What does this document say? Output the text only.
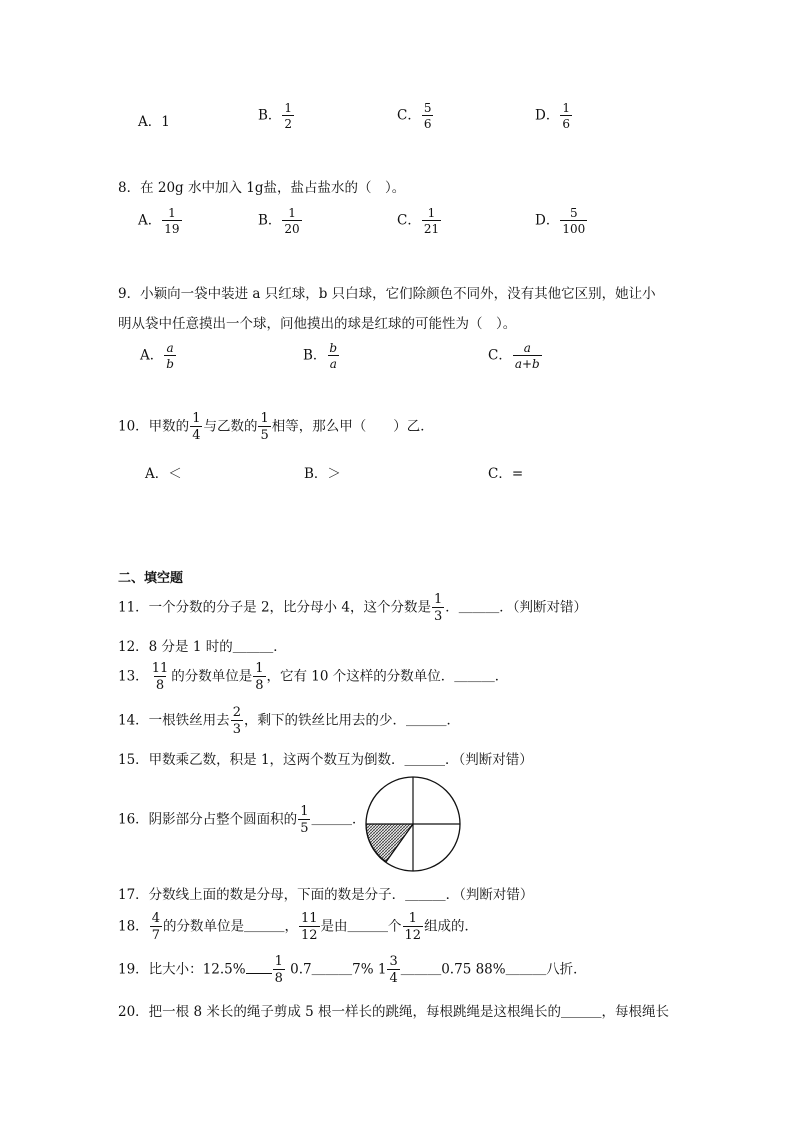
A．1	B． $\frac{1}{2}$	C． $\frac{5}{6}$	D． $\frac{1}{6}$
8．在 20g 水中加入 1g盐，盐占盐水的（　）。
A． $\frac{1}{19}$	B． $\frac{1}{20}$	C． $\frac{1}{21}$	D． $\frac{5}{100}$
9．小颖向一袋中装进 a 只红球，b 只白球，它们除颜色不同外，没有其他它区别，她让小
明从袋中任意摸出一个球，问他摸出的球是红球的可能性为（　）。
A． $\frac{a}{b}$	B． $\frac{b}{a}$	C． $\frac{a}{a+b}$
10．甲数的 $\frac{1}{4}$ 与乙数的 $\frac{1}{5}$ 相等，那么甲（　　）乙．
A．＜	B．＞	C．=
二、填空题
11．一个分数的分子是 2，比分母小 4，这个分数是 $\frac{1}{3}$ ．＿＿＿．（判断对错）
12．8 分是 1 时的＿＿＿．
13． $\frac{11}{8}$ 的分数单位是 $\frac{1}{8}$ ，它有 10 个这样的分数单位．＿＿＿．
14．一根铁丝用去 $\frac{2}{3}$ ，剩下的铁丝比用去的少．＿＿＿．
15．甲数乘乙数，积是 1，这两个数互为倒数．＿＿＿．（判断对错）
16．阴影部分占整个圆面积的 $\frac{1}{5}$ ＿＿＿．
17．分数线上面的数是分母，下面的数是分子．＿＿＿．（判断对错）
18． $\frac{4}{7}$ 的分数单位是＿＿＿， $\frac{11}{12}$ 是由＿＿＿个 $\frac{1}{12}$ 组成的．
19．比大小：$12.5\% \frac{1}{8}$ 0.7＿＿＿7% $1 \frac{3}{4}$ ＿＿＿0.75 88%＿＿＿八折．
20．把一根 8 米长的绳子剪成 5 根一样长的跳绳，每根跳绳是这根绳长的＿＿＿，每根绳长
